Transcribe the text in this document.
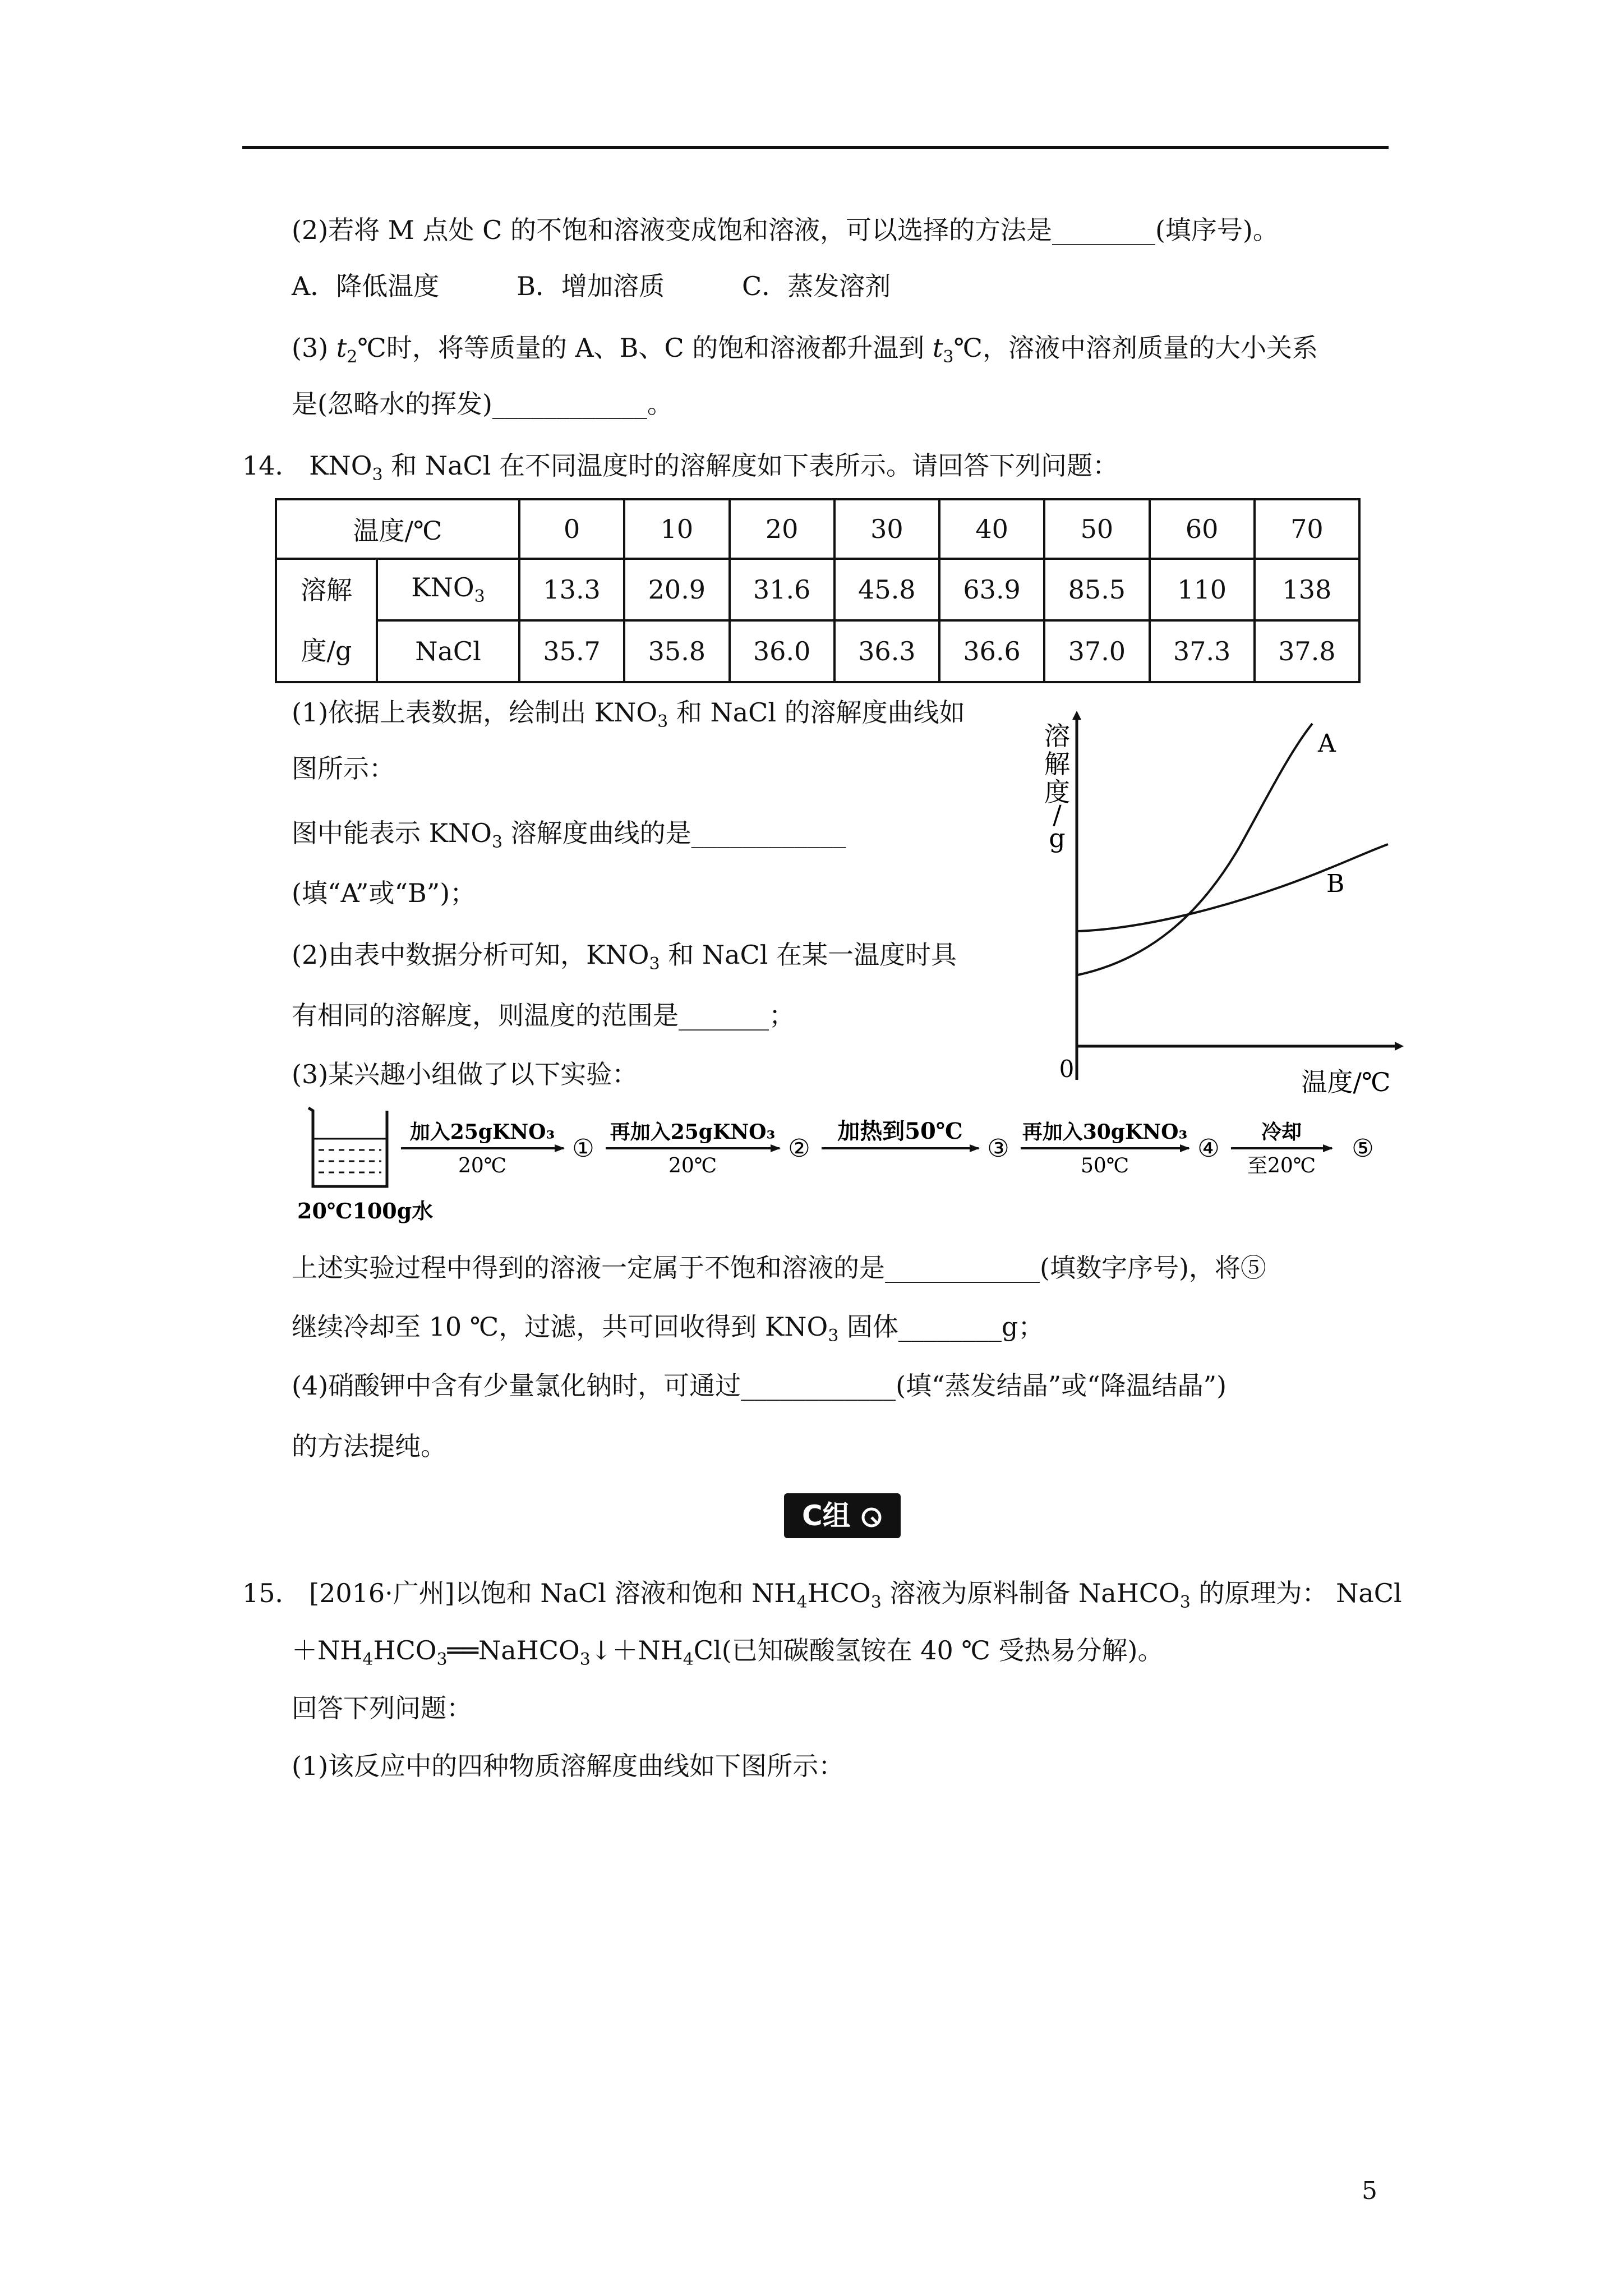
(2)若将 M 点处 C 的不饱和溶液变成饱和溶液，可以选择的方法是________(填序号)。
A．降低温度　　　B．增加溶质　　　C．蒸发溶剂
(3) $t_2℃$时，将等质量的 A、B、C 的饱和溶液都升温到 $t_3℃$，溶液中溶剂质量的大小关系
是(忽略水的挥发)____________。
14． $KNO_3$ 和 NaCl 在不同温度时的溶解度如下表所示。请回答下列问题：
温度/℃		0	10	20	30	40	50	60	70

溶解
度/g	$KNO_3$	13.3	20.9	31.6	45.8	63.9	85.5	110	138
	NaCl	35.7	35.8	36.0	36.3	36.6	37.0	37.3	37.8
(1)依据上表数据，绘制出 $KNO_3$ 和 NaCl 的溶解度曲线如
图所示：
图中能表示 $KNO_3$ 溶解度曲线的是____________
(填“A”或“B”)；
(2)由表中数据分析可知，$KNO_3$ 和 NaCl 在某一温度时具
有相同的溶解度，则温度的范围是_______；
(3)某兴趣小组做了以下实验：
溶
解
度
/
g
0	温度/℃
A
B
20℃100g水
加入25gKNO₃
20℃
①
再加入25gKNO₃
20℃
②
加热到50℃
③
再加入30gKNO₃
50℃
④
冷却
至20℃
⑤
上述实验过程中得到的溶液一定属于不饱和溶液的是____________(填数字序号)，将⑤
继续冷却至 10 ℃，过滤，共可回收得到 $KNO_3$ 固体________g；
(4)硝酸钾中含有少量氯化钠时，可通过____________(填“蒸发结晶”或“降温结晶”)
的方法提纯。
C组
15． [2016·广州]以饱和 NaCl 溶液和饱和 $NH_4HCO_3$ 溶液为原料制备 NaHCO$_3$ 的原理为： NaCl
$+NH_4HCO_3══NaHCO_3↓+NH_4Cl$(已知碳酸氢铵在 40 ℃ 受热易分解)。
回答下列问题：
(1)该反应中的四种物质溶解度曲线如下图所示：
5
